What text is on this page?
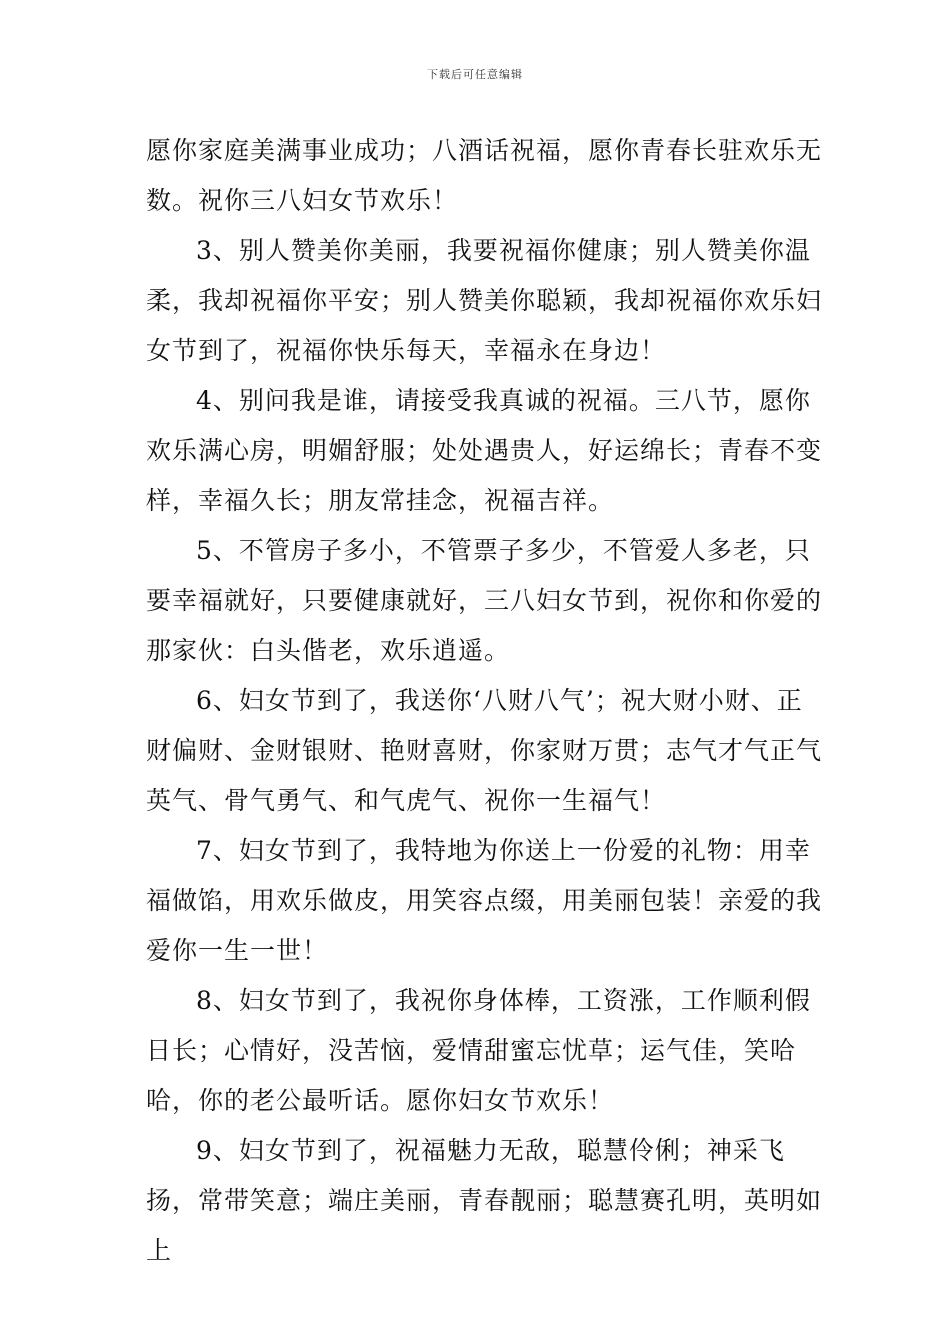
下载后可任意编辑

愿你家庭美满事业成功；八酒话祝福，愿你青春长驻欢乐无数。祝你三八妇女节欢乐！

3、别人赞美你美丽，我要祝福你健康；别人赞美你温柔，我却祝福你平安；别人赞美你聪颖，我却祝福你欢乐妇女节到了，祝福你快乐每天，幸福永在身边！

4、别问我是谁，请接受我真诚的祝福。三八节，愿你欢乐满心房，明媚舒服；处处遇贵人，好运绵长；青春不变样，幸福久长；朋友常挂念，祝福吉祥。

5、不管房子多小，不管票子多少，不管爱人多老，只要幸福就好，只要健康就好，三八妇女节到，祝你和你爱的那家伙：白头偕老，欢乐逍遥。

6、妇女节到了，我送你‘八财八气’；祝大财小财、正财偏财、金财银财、艳财喜财，你家财万贯；志气才气正气英气、骨气勇气、和气虎气、祝你一生福气！

7、妇女节到了，我特地为你送上一份爱的礼物：用幸福做馅，用欢乐做皮，用笑容点缀，用美丽包装！亲爱的我爱你一生一世！

8、妇女节到了，我祝你身体棒，工资涨，工作顺利假日长；心情好，没苦恼，爱情甜蜜忘忧草；运气佳，笑哈哈，你的老公最听话。愿你妇女节欢乐！

9、妇女节到了，祝福魅力无敌，聪慧伶俐；神采飞扬，常带笑意；端庄美丽，青春靓丽；聪慧赛孔明，英明如上
